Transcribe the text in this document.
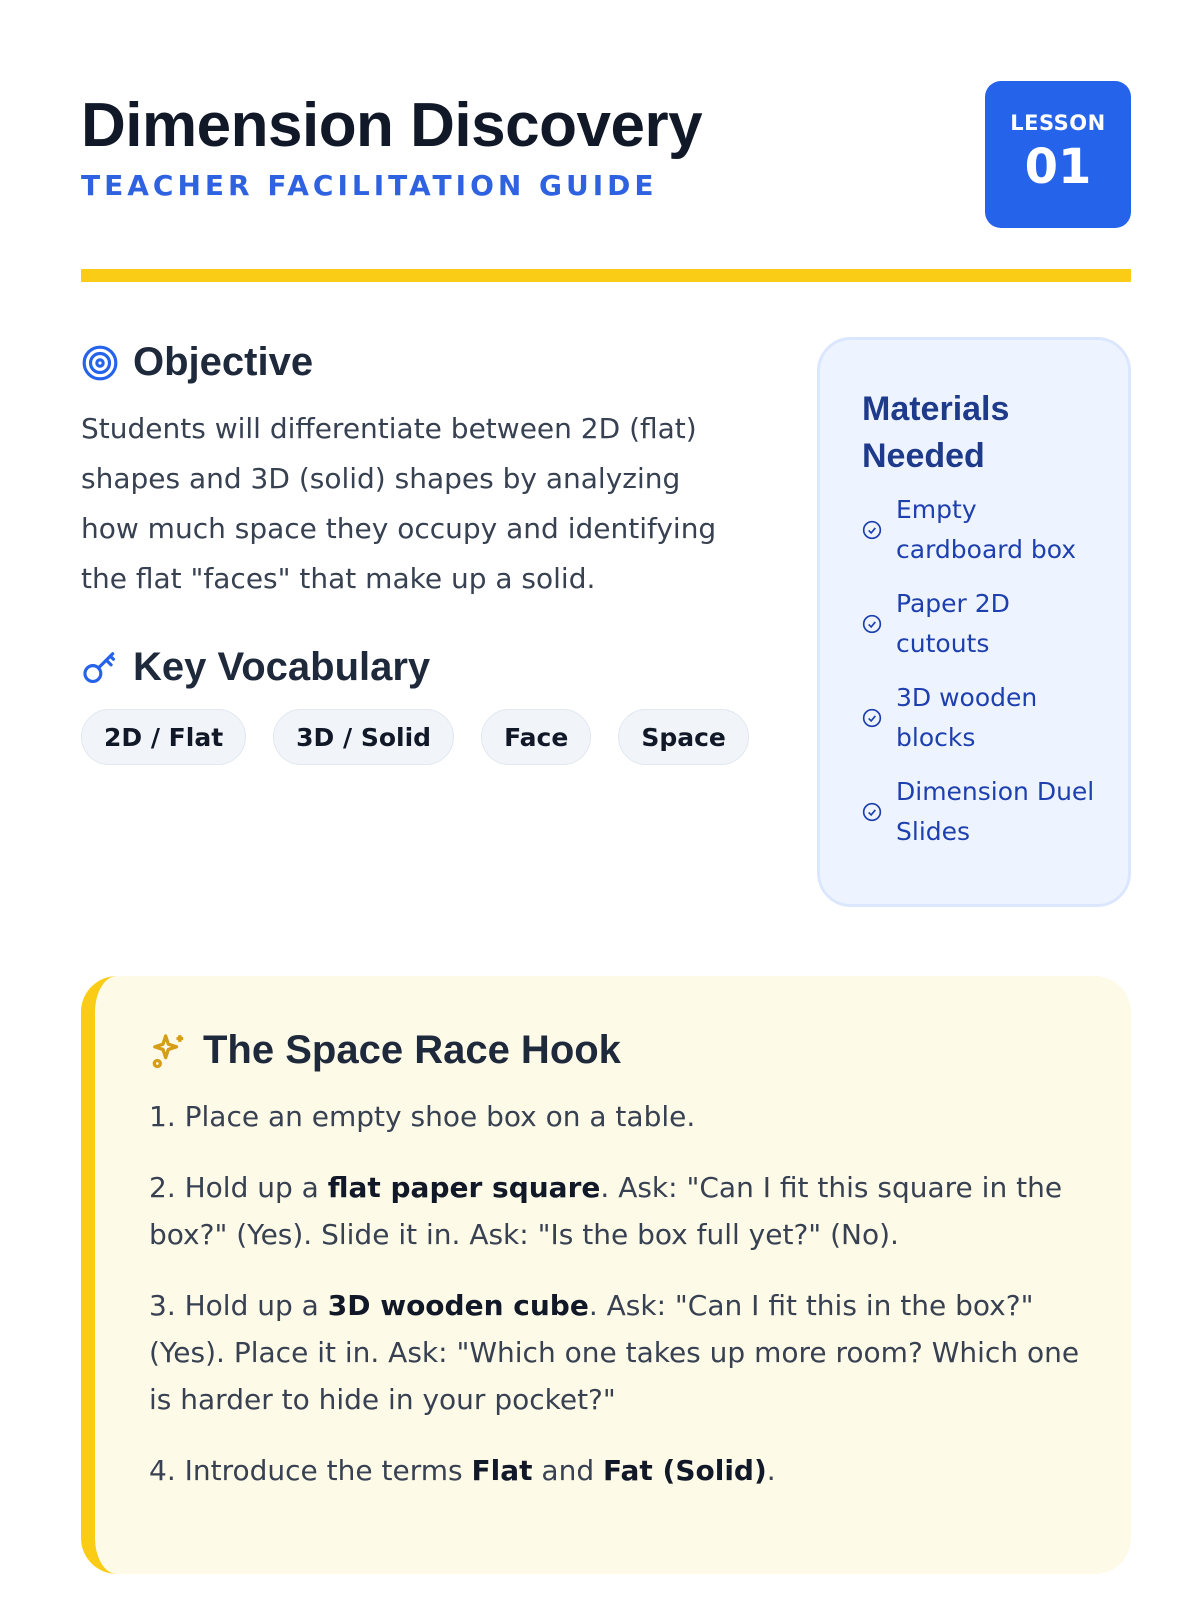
Dimension Discovery
TEACHER FACILITATION GUIDE
LESSON
01
Objective
Students will differentiate between 2D (flat) shapes and 3D (solid) shapes by analyzing how much space they occupy and identifying the flat "faces" that make up a solid.
Key Vocabulary
2D / Flat	3D / Solid	Face	Space
Materials Needed
Empty
cardboard box
Paper 2D
cutouts
3D wooden
blocks
Dimension Duel
Slides
The Space Race Hook
1. Place an empty shoe box on a table.
2. Hold up a flat paper square. Ask: "Can I fit this square in the box?" (Yes). Slide it in. Ask: "Is the box full yet?" (No).
3. Hold up a 3D wooden cube. Ask: "Can I fit this in the box?" (Yes). Place it in. Ask: "Which one takes up more room? Which one is harder to hide in your pocket?"
4. Introduce the terms Flat and Fat (Solid).
